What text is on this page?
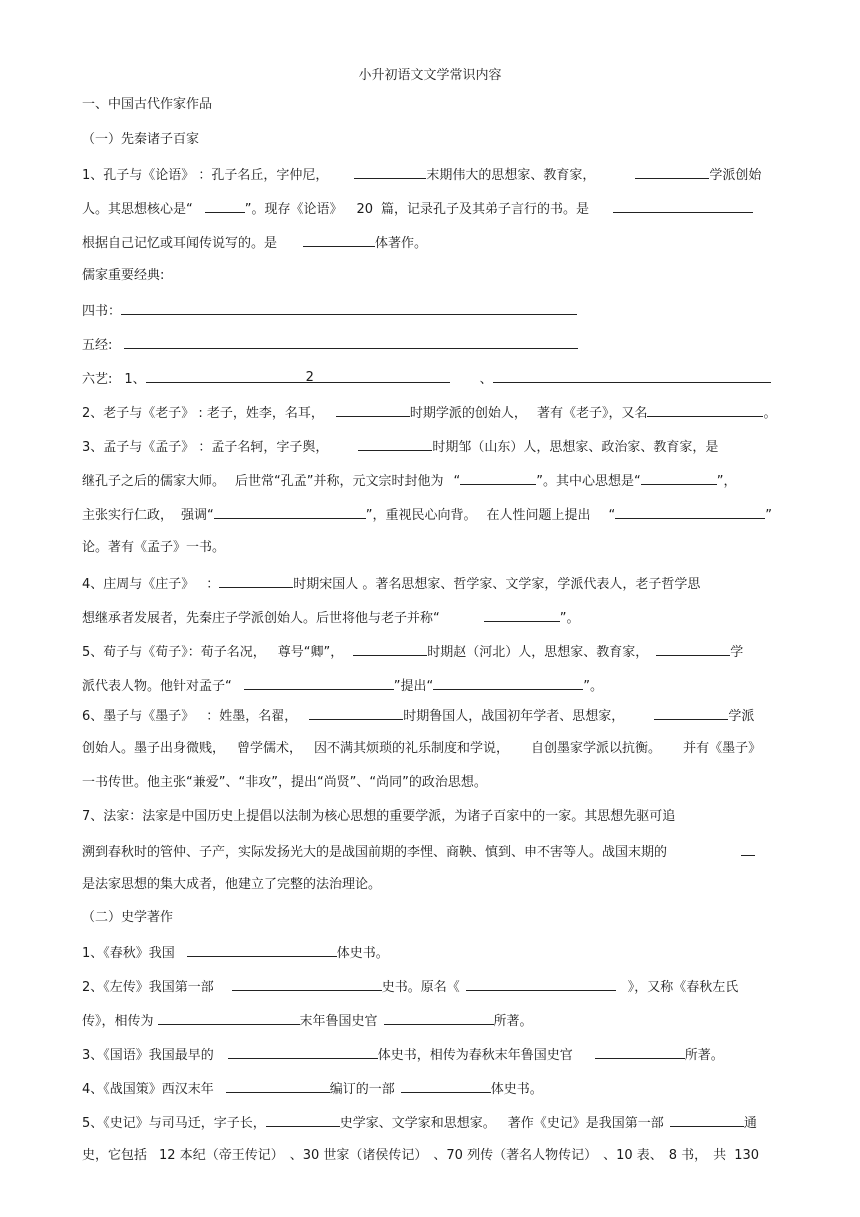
小升初语文文学常识内容
一、中国古代作家作品
（一）先秦诸子百家
1、孔子与《论语》 ：孔子名丘，字仲尼，	末期伟大的思想家、教育家，	学派创始
人。其思想核心是“	”。现存《论语》 20 篇，记录孔子及其弟子言行的书。是
根据自己记忆或耳闻传说写的。是	体著作。
儒家重要经典:
四书：
五经:
六艺: 1、	2	、
2、老子与《老子》 : 老子，姓李，名耳，	时期学派的创始人， 著有《老子》，又名	。
3、孟子与《孟子》 ：孟子名轲，字子舆，	时期邹（山东）人，思想家、政治家、教育家，是
继孔子之后的儒家大师。 后世常“孔孟”并称，元文宗时封他为 “	”。其中心思想是“	”，
主张实行仁政， 强调“	”，重视民心向背。 在人性问题上提出 “	”
论。著有《孟子》一书。
4、庄周与《庄子》 ：	时期宋国人 。著名思想家、哲学家、文学家，学派代表人，老子哲学思
想继承者发展者，先秦庄子学派创始人。后世将他与老子并称“	”。
5、荀子与《荀子》：荀子名况， 尊号“卿”，	时期赵（河北）人，思想家、教育家，	学
派代表人物。他针对孟子“	”提出“	”。
6、墨子与《墨子》 ：姓墨，名翟，	时期鲁国人，战国初年学者、思想家，	学派
创始人。墨子出身微贱， 曾学儒术， 因不满其烦琐的礼乐制度和学说， 自创墨家学派以抗衡。 并有《墨子》
一书传世。他主张“兼爱”、“非攻”，提出“尚贤”、“尚同”的政治思想。
7、法家：法家是中国历史上提倡以法制为核心思想的重要学派，为诸子百家中的一家。其思想先驱可追
溯到春秋时的管仲、子产，实际发扬光大的是战国前期的李悝、商鞅、慎到、申不害等人。战国末期的
是法家思想的集大成者，他建立了完整的法治理论。
（二）史学著作
1、《春秋》我国	体史书。
2、《左传》我国第一部	史书。原名《	》，又称《春秋左氏
传》，相传为	末年鲁国史官	所著。
3、《国语》我国最早的	体史书，相传为春秋末年鲁国史官	所著。
4、《战国策》西汉末年	编订的一部	体史书。
5、《史记》与司马迁，字子长，	史学家、文学家和思想家。 著作《史记》是我国第一部	通
史，它包括 12 本纪（帝王传记） 、30 世家（诸侯传记） 、70 列传（著名人物传记） 、10 表、 8 书， 共 130
